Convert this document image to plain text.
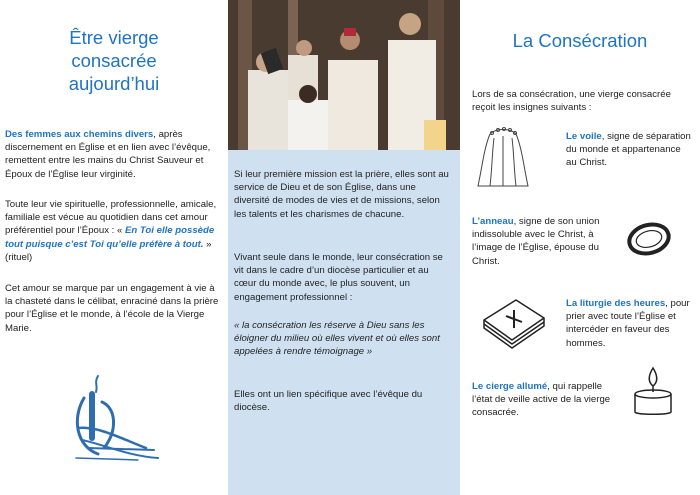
Être vierge
consacrée
aujourd’hui
Des femmes aux chemins divers, après discernement en Église et en lien avec l’évêque, remettent entre les mains du Christ Sauveur et Époux de l’Église leur virginité.
Toute leur vie spirituelle, professionnelle, amicale, familiale est vécue au quotidien dans cet amour préférentiel pour l’Époux : « En Toi elle possède tout puisque c’est Toi qu’elle préfère à tout. » (rituel)
Cet amour se marque par un engagement à vie à la chasteté dans le célibat, enraciné dans la prière pour l’Église et le monde, à l’école de la Vierge Marie.
Si leur première mission est la prière, elles sont au service de Dieu et de son Église, dans une diversité de modes de vies et de missions, selon les talents et les charismes de chacune.
Vivant seule dans le monde, leur consécration se vit dans le cadre d’un diocèse particulier et au cœur du monde avec, le plus souvent, un engagement professionnel :
« la consécration les réserve à Dieu sans les éloigner du milieu où elles vivent et où elles sont appelées à rendre témoignage »
Elles ont un lien spécifique avec l’évêque du diocèse.
La Consécration
Lors de sa consécration, une vierge consacrée reçoit les insignes suivants :
Le voile, signe de séparation du monde et appartenance au Christ.
L’anneau, signe de son union indissoluble avec le Christ, à l’image de l’Église, épouse du Christ.
La liturgie des heures, pour prier avec toute l’Église et intercéder en faveur des hommes.
Le cierge allumé, qui rappelle l’état de veille active de la vierge consacrée.
